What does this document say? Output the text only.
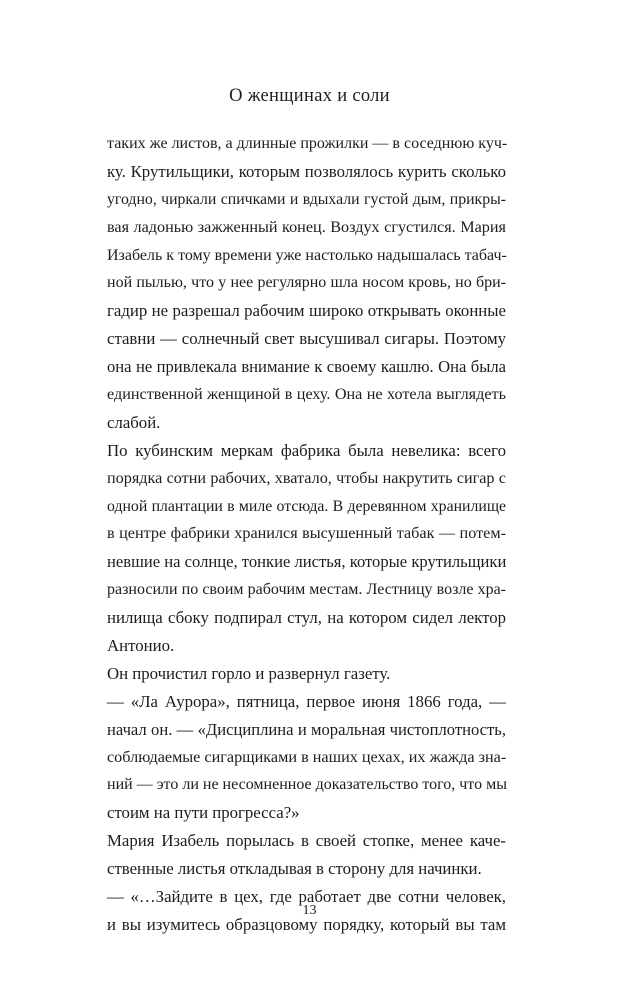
О женщинах и соли
таких же листов, а длинные прожилки — в соседнюю куч-
ку. Крутильщики, которым позволялось курить сколько
угодно, чиркали спичками и вдыхали густой дым, прикры-
вая ладонью зажженный конец. Воздух сгустился. Мария
Изабель к тому времени уже настолько надышалась табач-
ной пылью, что у нее регулярно шла носом кровь, но бри-
гадир не разрешал рабочим широко открывать оконные
ставни — солнечный свет высушивал сигары. Поэтому
она не привлекала внимание к своему кашлю. Она была
единственной женщиной в цеху. Она не хотела выглядеть
слабой.
По кубинским меркам фабрика была невелика: всего
порядка сотни рабочих, хватало, чтобы накрутить сигар с
одной плантации в миле отсюда. В деревянном хранилище
в центре фабрики хранился высушенный табак — потем-
невшие на солнце, тонкие листья, которые крутильщики
разносили по своим рабочим местам. Лестницу возле хра-
нилища сбоку подпирал стул, на котором сидел лектор
Антонио.
Он прочистил горло и развернул газету.
— «Ла Аурора», пятница, первое июня 1866 года, —
начал он. — «Дисциплина и моральная чистоплотность,
соблюдаемые сигарщиками в наших цехах, их жажда зна-
ний — это ли не несомненное доказательство того, что мы
стоим на пути прогресса?»
Мария Изабель порылась в своей стопке, менее каче-
ственные листья откладывая в сторону для начинки.
— «…Зайдите в цех, где работает две сотни человек,
и вы изумитесь образцовому порядку, который вы там
13
